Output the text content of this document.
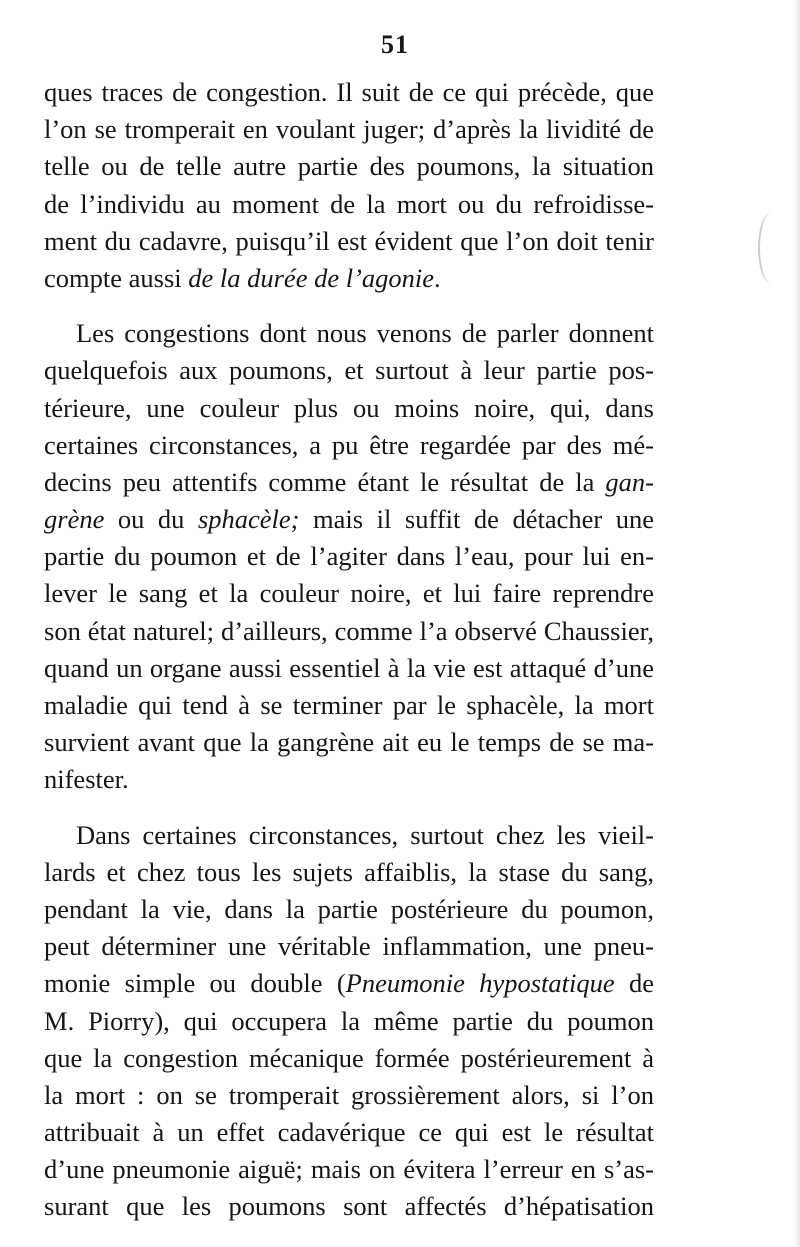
51
ques traces de congestion. Il suit de ce qui précède, que
l’on se tromperait en voulant juger; d’après la lividité de
telle ou de telle autre partie des poumons, la situation
de l’individu au moment de la mort ou du refroidisse-
ment du cadavre, puisqu’il est évident que l’on doit tenir
compte aussi de la durée de l’agonie.
Les congestions dont nous venons de parler donnent
quelquefois aux poumons, et surtout à leur partie pos-
térieure, une couleur plus ou moins noire, qui, dans
certaines circonstances, a pu être regardée par des mé-
decins peu attentifs comme étant le résultat de la gan-
grène ou du sphacèle; mais il suffit de détacher une
partie du poumon et de l’agiter dans l’eau, pour lui en-
lever le sang et la couleur noire, et lui faire reprendre
son état naturel; d’ailleurs, comme l’a observé Chaussier,
quand un organe aussi essentiel à la vie est attaqué d’une
maladie qui tend à se terminer par le sphacèle, la mort
survient avant que la gangrène ait eu le temps de se ma-
nifester.
Dans certaines circonstances, surtout chez les vieil-
lards et chez tous les sujets affaiblis, la stase du sang,
pendant la vie, dans la partie postérieure du poumon,
peut déterminer une véritable inflammation, une pneu-
monie simple ou double (Pneumonie hypostatique de
M. Piorry), qui occupera la même partie du poumon
que la congestion mécanique formée postérieurement à
la mort : on se tromperait grossièrement alors, si l’on
attribuait à un effet cadavérique ce qui est le résultat
d’une pneumonie aiguë; mais on évitera l’erreur en s’as-
surant que les poumons sont affectés d’hépatisation
